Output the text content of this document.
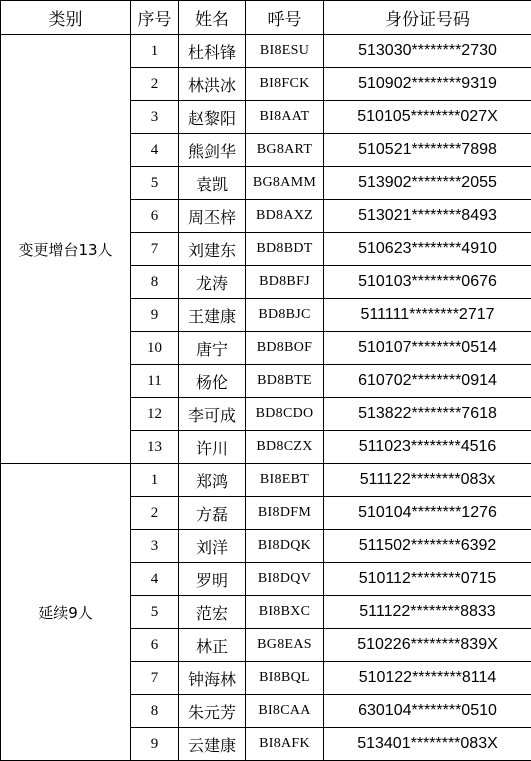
类别	序号	姓名	呼号	身份证号码
变更增台13人	1	杜科锋	BI8ESU	513030********2730
	2	林洪冰	BI8FCK	510902********9319
	3	赵黎阳	BI8AAT	510105********027X
	4	熊剑华	BG8ART	510521********7898
	5	袁凯	BG8AMM	513902********2055
	6	周丕梓	BD8AXZ	513021********8493
	7	刘建东	BD8BDT	510623********4910
	8	龙涛	BD8BFJ	510103********0676
	9	王建康	BD8BJC	511111********2717
	10	唐宁	BD8BOF	510107********0514
	11	杨伦	BD8BTE	610702********0914
	12	李可成	BD8CDO	513822********7618
	13	许川	BD8CZX	511023********4516
延续9人	1	郑鸿	BI8EBT	511122********083x
	2	方磊	BI8DFM	510104********1276
	3	刘洋	BI8DQK	511502********6392
	4	罗明	BI8DQV	510112********0715
	5	范宏	BI8BXC	511122********8833
	6	林正	BG8EAS	510226********839X
	7	钟海林	BI8BQL	510122********8114
	8	朱元芳	BI8CAA	630104********0510
	9	云建康	BI8AFK	513401********083X
